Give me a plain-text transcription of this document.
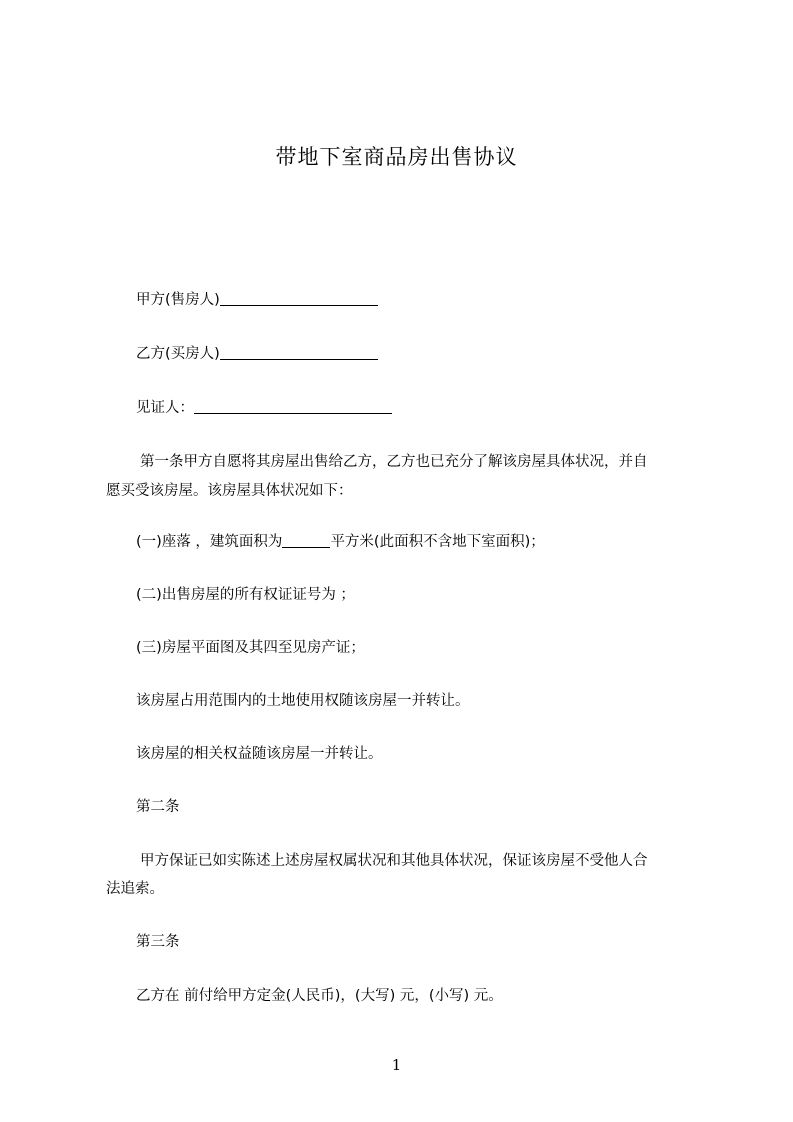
带地下室商品房出售协议
甲方(售房人)
乙方(买房人)
见证人：
第一条甲方自愿将其房屋出售给乙方，乙方也已充分了解该房屋具体状况，并自
愿买受该房屋。该房屋具体状况如下：
(一)座落 ，建筑面积为	平方米(此面积不含地下室面积)；
(二)出售房屋的所有权证证号为 ；
(三)房屋平面图及其四至见房产证；
该房屋占用范围内的土地使用权随该房屋一并转让。
该房屋的相关权益随该房屋一并转让。
第二条
甲方保证已如实陈述上述房屋权属状况和其他具体状况，保证该房屋不受他人合
法追索。
第三条
乙方在 前付给甲方定金(人民币)，(大写) 元，(小写) 元。
1
